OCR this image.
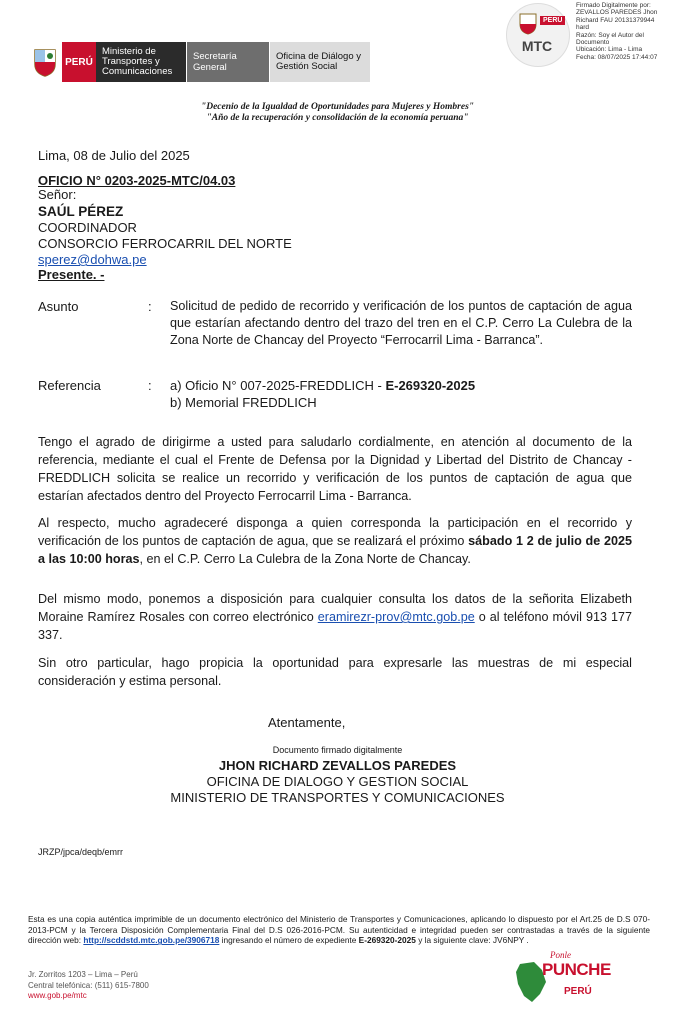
PERÚ
Ministerio de Transportes y Comunicaciones
Secretaría General
Oficina de Diálogo y Gestión Social
PERÚ
MTC
Firmado Digitalmente por:
ZEVALLOS PAREDES Jhon
Richard FAU 20131379944
hard
Razón: Soy el Autor del
Documento
Ubicación: Lima - Lima
Fecha: 08/07/2025 17:44:07
"Decenio de la Igualdad de Oportunidades para Mujeres y Hombres"
"Año de la recuperación y consolidación de la economía peruana"
Lima, 08 de Julio del 2025
OFICIO N° 0203-2025-MTC/04.03
Señor:
SAÚL PÉREZ
COORDINADOR
CONSORCIO FERROCARRIL DEL NORTE
sperez@dohwa.pe
Presente. -
Asunto	: Solicitud de pedido de recorrido y verificación de los puntos de captación de agua que estarían afectando dentro del trazo del tren en el C.P. Cerro La Culebra de la Zona Norte de Chancay del Proyecto “Ferrocarril Lima - Barranca”.
Referencia	: a) Oficio N° 007-2025-FREDDLICH - E-269320-2025
b) Memorial FREDDLICH
Tengo el agrado de dirigirme a usted para saludarlo cordialmente, en atención al documento de la referencia, mediante el cual el Frente de Defensa por la Dignidad y Libertad del Distrito de Chancay - FREDDLICH solicita se realice un recorrido y verificación de los puntos de captación de agua que estarían afectados dentro del Proyecto Ferrocarril Lima - Barranca.
Al respecto, mucho agradeceré disponga a quien corresponda la participación en el recorrido y verificación de los puntos de captación de agua, que se realizará el próximo sábado 1 2 de julio de 2025 a las 10:00 horas, en el C.P. Cerro La Culebra de la Zona Norte de Chancay.
Del mismo modo, ponemos a disposición para cualquier consulta los datos de la señorita Elizabeth Moraine Ramírez Rosales con correo electrónico eramirezr-prov@mtc.gob.pe o al teléfono móvil 913 177 337.
Sin otro particular, hago propicia la oportunidad para expresarle las muestras de mi especial consideración y estima personal.
Atentamente,
Documento firmado digitalmente
JHON RICHARD ZEVALLOS PAREDES
OFICINA DE DIALOGO Y GESTION SOCIAL
MINISTERIO DE TRANSPORTES Y COMUNICACIONES
JRZP/jpca/deqb/emrr
Esta es una copia auténtica imprimible de un documento electrónico del Ministerio de Transportes y Comunicaciones, aplicando lo dispuesto por el Art.25 de D.S 070-2013-PCM y la Tercera Disposición Complementaria Final del D.S 026-2016-PCM. Su autenticidad e integridad pueden ser contrastadas a través de la siguiente dirección web: http://scddstd.mtc.gob.pe/3906718 ingresando el número de expediente E-269320-2025 y la siguiente clave: JV6NPY .
Jr. Zorritos 1203 – Lima – Perú
Central telefónica: (511) 615-7800
www.gob.pe/mtc
Ponle
PUNCHE
PERÚ
